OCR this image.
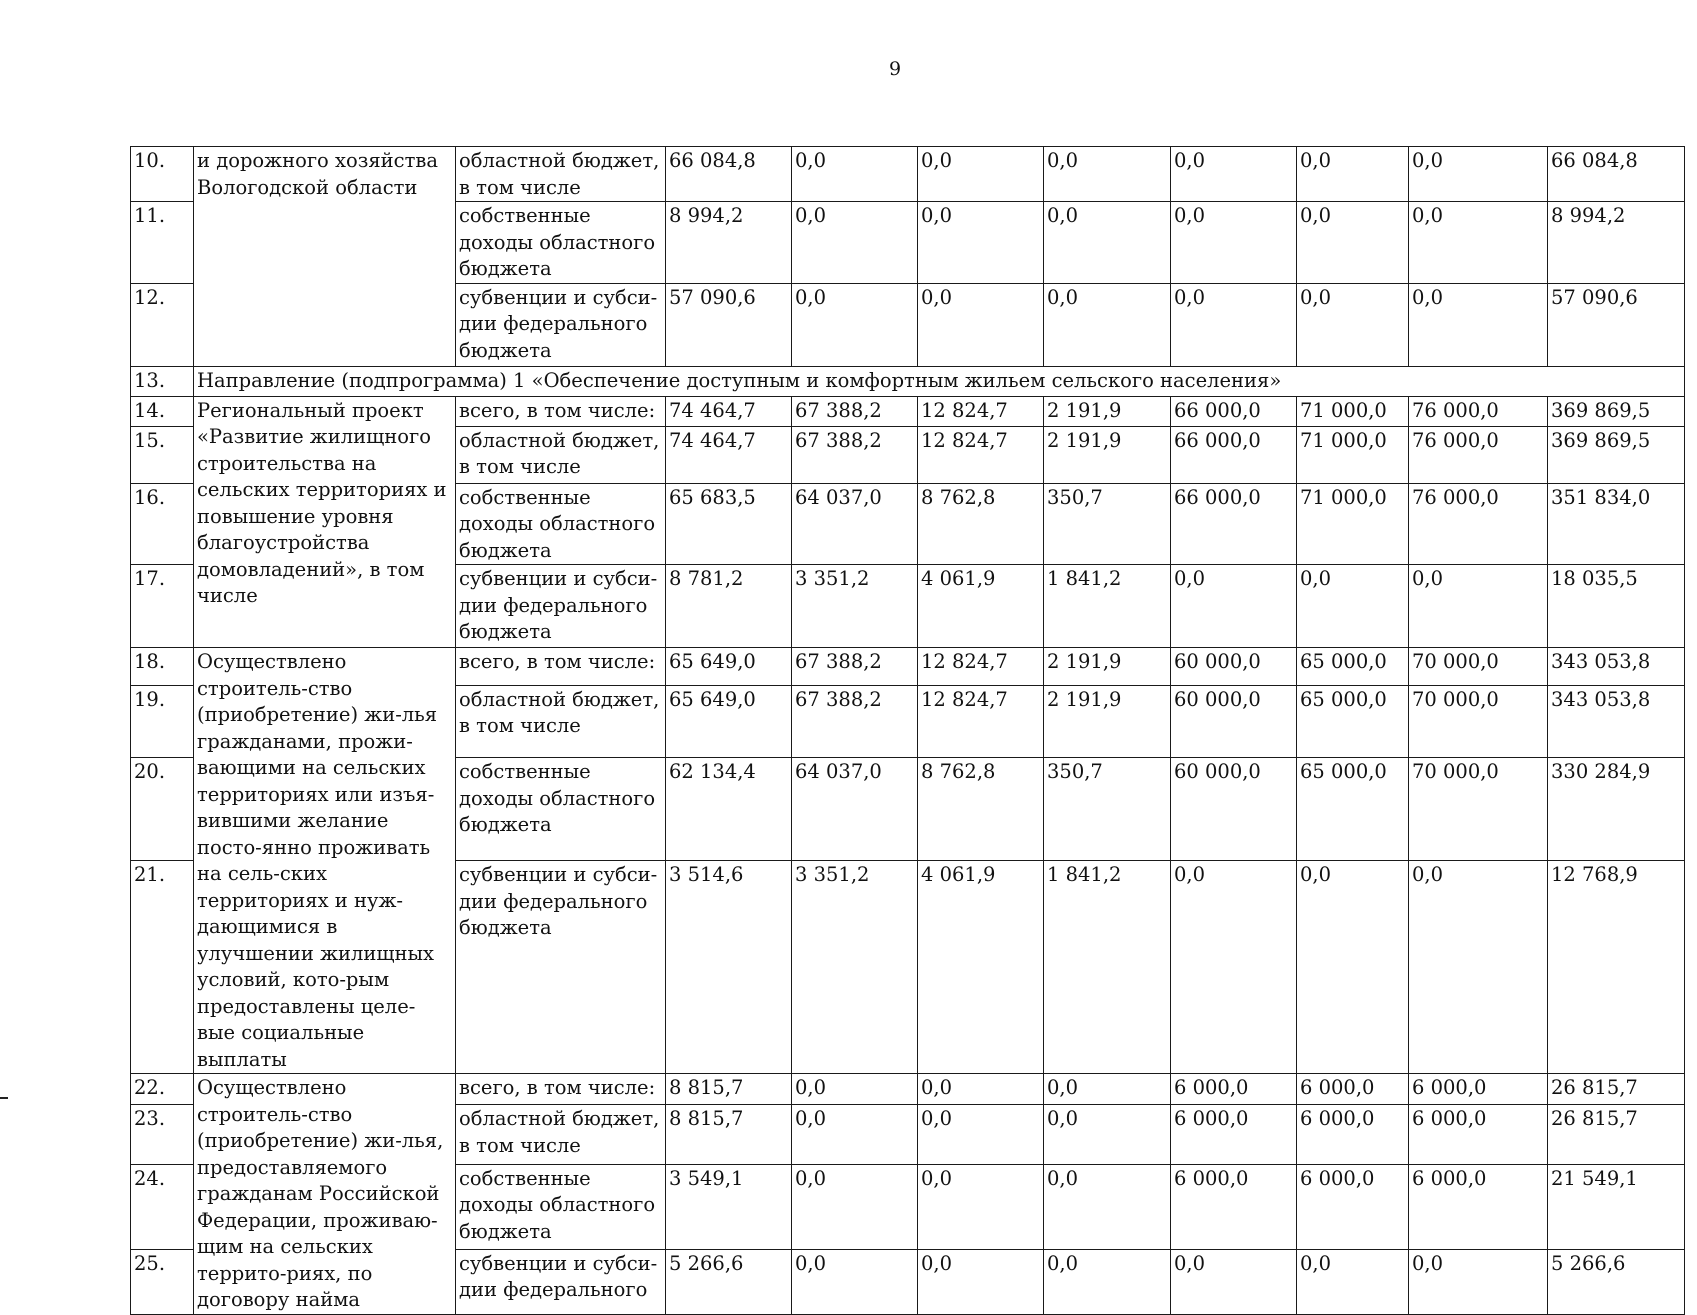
9
10.	и дорожного хозяйства Вологодской области	областной бюджет, в том числе	66 084,8	0,0	0,0	0,0	0,0	0,0	0,0	66 084,8
11.		собственные доходы областного бюджета	8 994,2	0,0	0,0	0,0	0,0	0,0	0,0	8 994,2
12.		субвенции и субси-дии федерального бюджета	57 090,6	0,0	0,0	0,0	0,0	0,0	0,0	57 090,6
13.	Направление (подпрограмма) 1 «Обеспечение доступным и комфортным жильем сельского населения»									
14.	Региональный проект «Развитие жилищного строительства на сельских территориях и повышение уровня благоустройства домовладений», в том числе	всего, в том числе:	74 464,7	67 388,2	12 824,7	2 191,9	66 000,0	71 000,0	76 000,0	369 869,5
15.		областной бюджет, в том числе	74 464,7	67 388,2	12 824,7	2 191,9	66 000,0	71 000,0	76 000,0	369 869,5
16.		собственные доходы областного бюджета	65 683,5	64 037,0	8 762,8	350,7	66 000,0	71 000,0	76 000,0	351 834,0
17.		субвенции и субси-дии федерального бюджета	8 781,2	3 351,2	4 061,9	1 841,2	0,0	0,0	0,0	18 035,5
18.	Осуществлено строитель-ство (приобретение) жи-лья гражданами, прожи-вающими на сельских территориях или изъя-вившими желание посто-янно проживать на сель-ских территориях и нуж-дающимися в улучшении жилищных условий, кото-рым предоставлены целе-вые социальные выплаты	всего, в том числе:	65 649,0	67 388,2	12 824,7	2 191,9	60 000,0	65 000,0	70 000,0	343 053,8
19.		областной бюджет, в том числе	65 649,0	67 388,2	12 824,7	2 191,9	60 000,0	65 000,0	70 000,0	343 053,8
20.		собственные доходы областного бюджета	62 134,4	64 037,0	8 762,8	350,7	60 000,0	65 000,0	70 000,0	330 284,9
21.		субвенции и субси-дии федерального бюджета	3 514,6	3 351,2	4 061,9	1 841,2	0,0	0,0	0,0	12 768,9
22.	Осуществлено строитель-ство (приобретение) жи-лья, предоставляемого гражданам Российской Федерации, проживаю-щим на сельских террито-риях, по договору найма	всего, в том числе:	8 815,7	0,0	0,0	0,0	6 000,0	6 000,0	6 000,0	26 815,7
23.		областной бюджет, в том числе	8 815,7	0,0	0,0	0,0	6 000,0	6 000,0	6 000,0	26 815,7
24.		собственные доходы областного бюджета	3 549,1	0,0	0,0	0,0	6 000,0	6 000,0	6 000,0	21 549,1
25.		субвенции и субси-дии федерального	5 266,6	0,0	0,0	0,0	0,0	0,0	0,0	5 266,6
